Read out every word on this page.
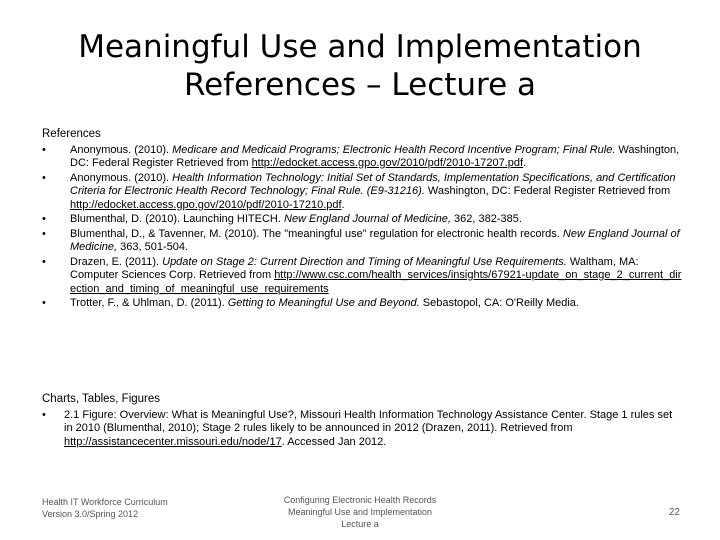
Meaningful Use and Implementation
References – Lecture a
References
•	Anonymous. (2010). Medicare and Medicaid Programs; Electronic Health Record Incentive Program; Final Rule. Washington, DC: Federal Register Retrieved from http://edocket.access.gpo.gov/2010/pdf/2010-17207.pdf.
•	Anonymous. (2010). Health Information Technology: Initial Set of Standards, Implementation Specifications, and Certification Criteria for Electronic Health Record Technology; Final Rule. (E9-31216). Washington, DC: Federal Register Retrieved from http://edocket.access.gpo.gov/2010/pdf/2010-17210.pdf.
•	Blumenthal, D. (2010). Launching HITECH. New England Journal of Medicine, 362, 382-385.
•	Blumenthal, D., & Tavenner, M. (2010). The "meaningful use" regulation for electronic health records. New England Journal of Medicine, 363, 501-504.
•	Drazen, E. (2011). Update on Stage 2: Current Direction and Timing of Meaningful Use Requirements. Waltham, MA: Computer Sciences Corp. Retrieved from http://www.csc.com/health_services/insights/67921-update_on_stage_2_current_direction_and_timing_of_meaningful_use_requirements
•	Trotter, F., & Uhlman, D. (2011). Getting to Meaningful Use and Beyond. Sebastopol, CA: O'Reilly Media.
Charts, Tables, Figures
•	2.1 Figure: Overview: What is Meaningful Use?, Missouri Health Information Technology Assistance Center. Stage 1 rules set in 2010 (Blumenthal, 2010); Stage 2 rules likely to be announced in 2012 (Drazen, 2011). Retrieved from http://assistancecenter.missouri.edu/node/17. Accessed Jan 2012.
Health IT Workforce Curriculum
Version 3.0/Spring 2012
Configuring Electronic Health Records
Meaningful Use and Implementation
Lecture a
22
